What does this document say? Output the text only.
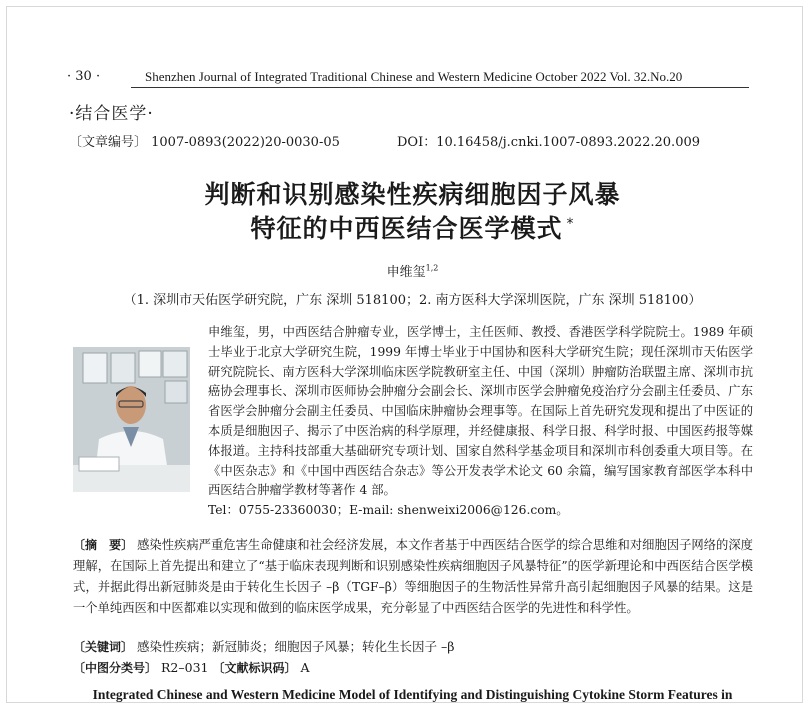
· 30 ·	Shenzhen Journal of Integrated Traditional Chinese and Western Medicine October 2022 Vol. 32.No.20
·结合医学·
〔文章编号〕 1007-0893(2022)20-0030-05	DOI：10.16458/j.cnki.1007-0893.2022.20.009
判断和识别感染性疾病细胞因子风暴
特征的中西医结合医学模式 *
申维玺$^{1,2}$
（1. 深圳市天佑医学研究院，广东 深圳 518100；2. 南方医科大学深圳医院，广东 深圳 518100）
申维玺，男，中西医结合肿瘤专业，医学博士，主任医师、教授、香港医学科学院院士。1989 年硕士毕业于北京大学研究生院，1999 年博士毕业于中国协和医科大学研究生院；现任深圳市天佑医学研究院院长、南方医科大学深圳临床医学院教研室主任、中国（深圳）肿瘤防治联盟主席、深圳市抗癌协会理事长、深圳市医师协会肿瘤分会副会长、深圳市医学会肿瘤免疫治疗分会副主任委员、广东省医学会肿瘤分会副主任委员、中国临床肿瘤协会理事等。在国际上首先研究发现和提出了中医证的本质是细胞因子、揭示了中医治病的科学原理，并经健康报、科学日报、科学时报、中国医药报等媒体报道。主持科技部重大基础研究专项计划、国家自然科学基金项目和深圳市科创委重大项目等。在《中医杂志》和《中国中西医结合杂志》等公开发表学术论文 60 余篇，编写国家教育部医学本科中西医结合肿瘤学教材等著作 4 部。
Tel：0755-23360030；E-mail: shenweixi2006@126.com。
〔摘　要〕 感染性疾病严重危害生命健康和社会经济发展，本文作者基于中西医结合医学的综合思维和对细胞因子网络的深度理解，在国际上首先提出和建立了“基于临床表现判断和识别感染性疾病细胞因子风暴特征”的医学新理论和中西医结合医学模式，并据此得出新冠肺炎是由于转化生长因子 –β（TGF–β）等细胞因子的生物活性异常升高引起细胞因子风暴的结果。这是一个单纯西医和中医都难以实现和做到的临床医学成果，充分彰显了中西医结合医学的先进性和科学性。
〔关键词〕 感染性疾病；新冠肺炎；细胞因子风暴；转化生长因子 –β
〔中图分类号〕 R2–031 〔文献标识码〕 A
Integrated Chinese and Western Medicine Model of Identifying and Distinguishing Cytokine Storm Features in
